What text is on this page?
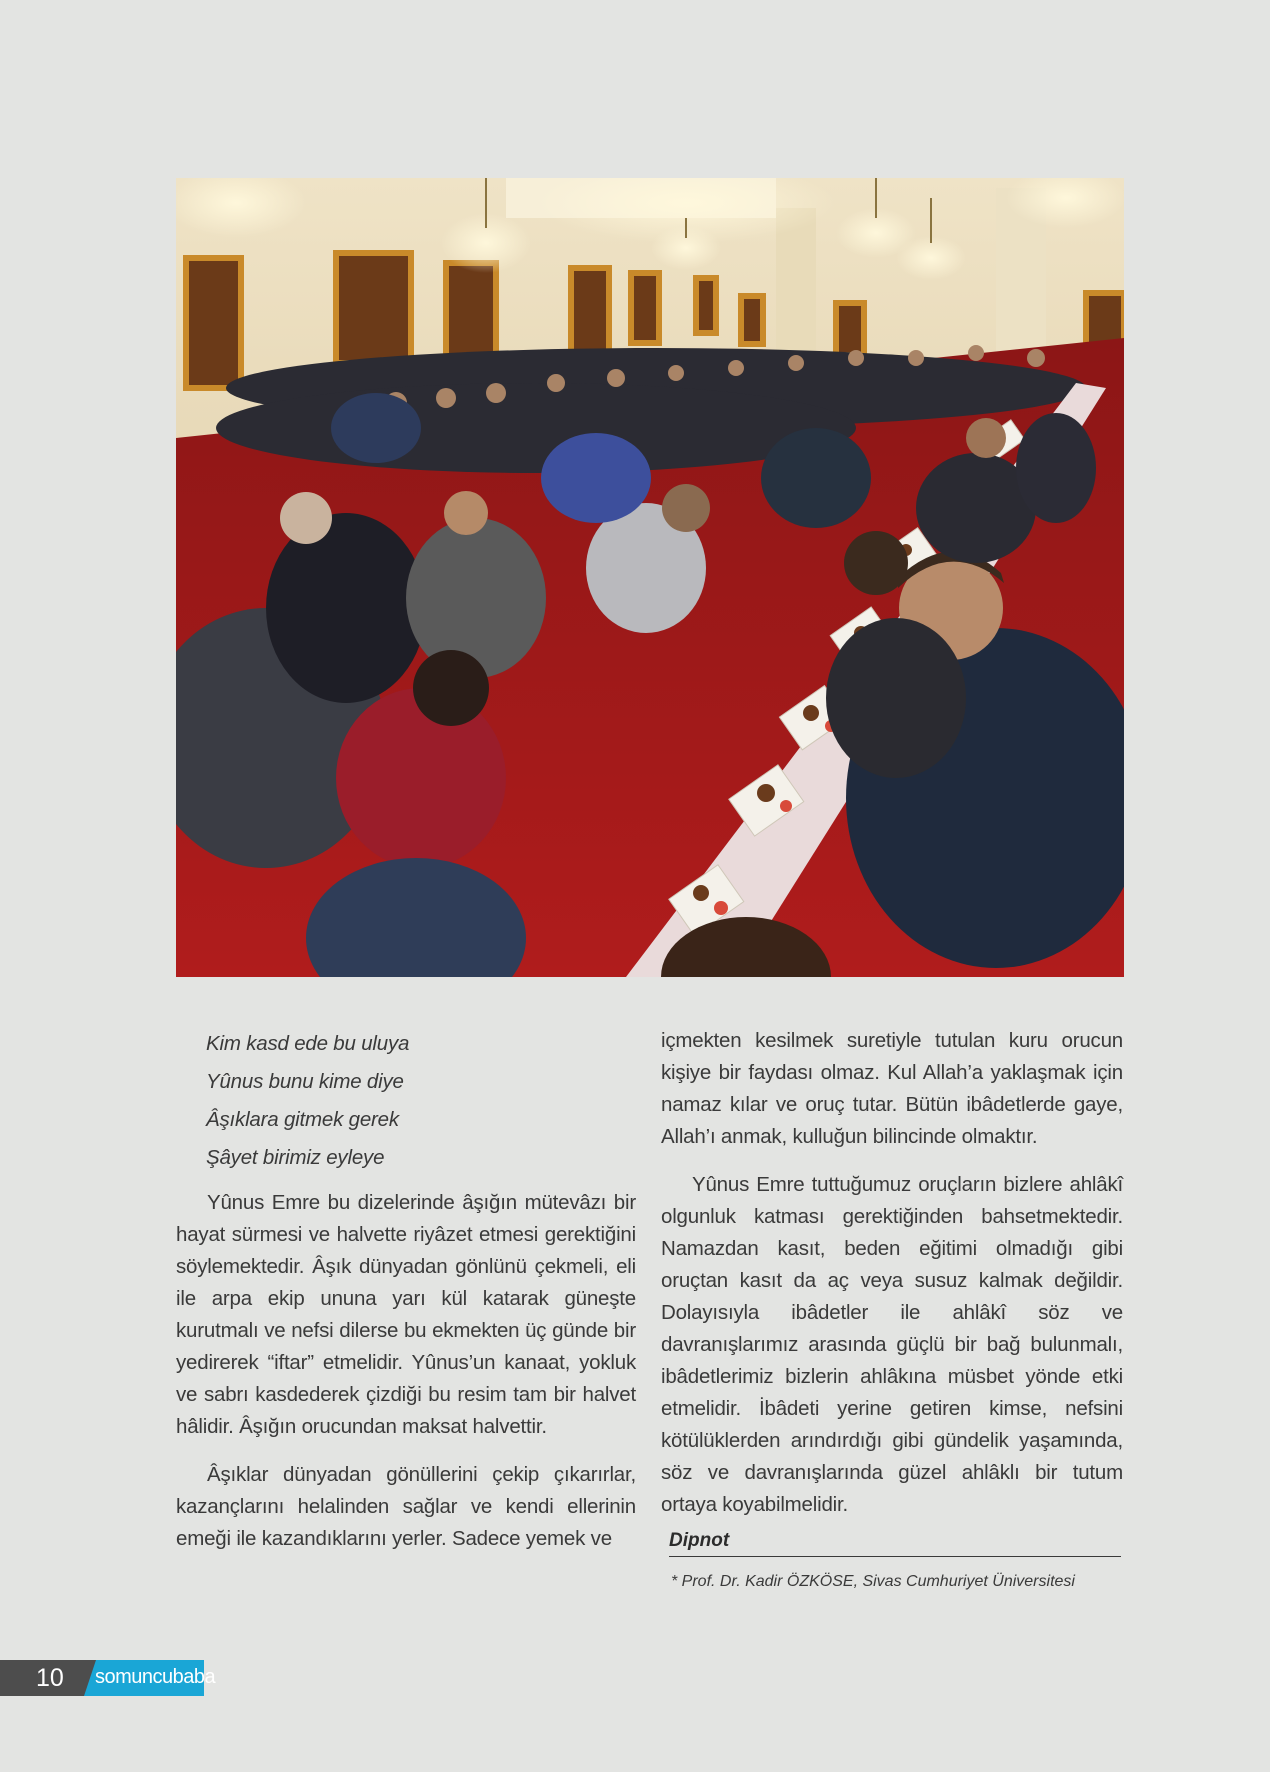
Kim kasd ede bu uluya
Yûnus bunu kime diye
Âşıklara gitmek gerek
Şâyet birimiz eyleye

Yûnus Emre bu dizelerinde âşığın mütevâzı bir hayat sürmesi ve halvette riyâzet etmesi gerektiğini söylemektedir. Âşık dünyadan gönlünü çekmeli, eli ile arpa ekip ununa yarı kül katarak güneşte kurutmalı ve nefsi dilerse bu ekmekten üç günde bir yedirerek “iftar” etmelidir. Yûnus’un kanaat, yokluk ve sabrı kasdederek çizdiği bu resim tam bir halvet hâlidir. Âşığın orucundan maksat halvettir.

Âşıklar dünyadan gönüllerini çekip çıkarırlar, kazançlarını helalinden sağlar ve kendi ellerinin emeği ile kazandıklarını yerler. Sadece yemek ve

içmekten kesilmek suretiyle tutulan kuru orucun kişiye bir faydası olmaz. Kul Allah’a yaklaşmak için namaz kılar ve oruç tutar. Bütün ibâdetlerde gaye, Allah’ı anmak, kulluğun bilincinde olmaktır.

Yûnus Emre tuttuğumuz oruçların bizlere ahlâkî olgunluk katması gerektiğinden bahsetmektedir. Namazdan kasıt, beden eğitimi olmadığı gibi oruçtan kasıt da aç veya susuz kalmak değildir. Dolayısıyla ibâdetler ile ahlâkî söz ve davranışlarımız arasında güçlü bir bağ bulunmalı, ibâdetlerimiz bizlerin ahlâkına müsbet yönde etki etmelidir. İbâdeti yerine getiren kimse, nefsini kötülüklerden arındırdığı gibi gündelik yaşamında, söz ve davranışlarında güzel ahlâklı bir tutum ortaya koyabilmelidir.

Dipnot
* Prof. Dr. Kadir ÖZKÖSE, Sivas Cumhuriyet Üniversitesi
10 somuncubaba
